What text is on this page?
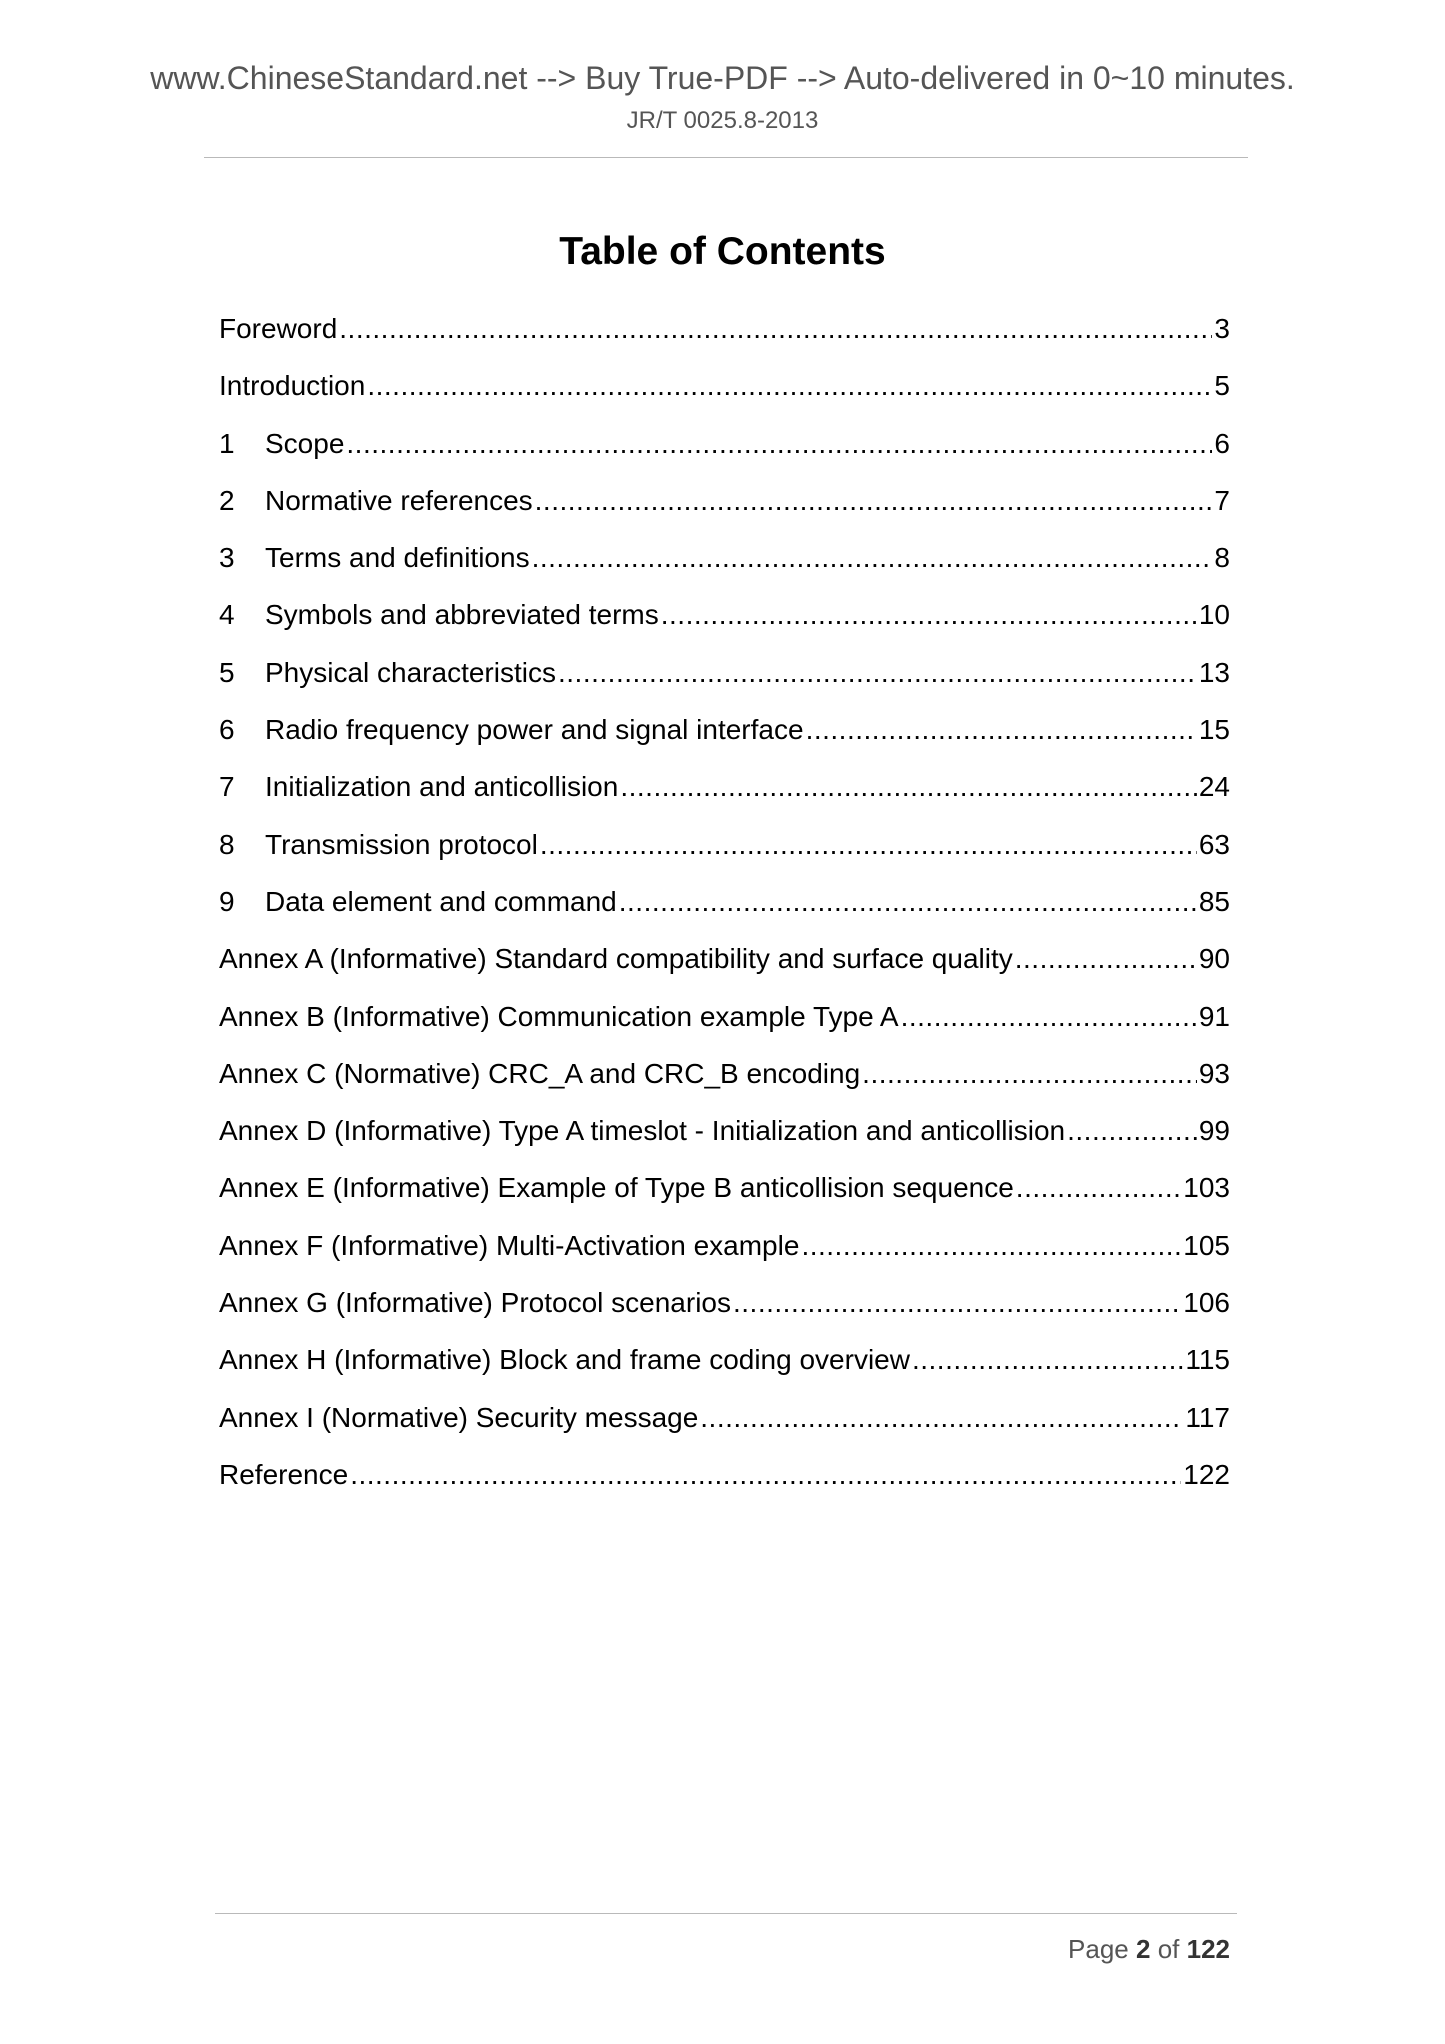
www.ChineseStandard.net --> Buy True-PDF --> Auto-delivered in 0~10 minutes.
JR/T 0025.8-2013
Table of Contents
Foreword .....	3
Introduction .....	5
1	Scope .....	6
2	Normative references .....	7
3	Terms and definitions .....	8
4	Symbols and abbreviated terms .....	10
5	Physical characteristics .....	13
6	Radio frequency power and signal interface .....	15
7	Initialization and anticollision .....	24
8	Transmission protocol .....	63
9	Data element and command .....	85
Annex A (Informative) Standard compatibility and surface quality .....	90
Annex B (Informative) Communication example Type A .....	91
Annex C (Normative) CRC_A and CRC_B encoding .....	93
Annex D (Informative) Type A timeslot - Initialization and anticollision .....	99
Annex E (Informative) Example of Type B anticollision sequence .....	103
Annex F (Informative) Multi-Activation example .....	105
Annex G (Informative) Protocol scenarios .....	106
Annex H (Informative) Block and frame coding overview .....	115
Annex I (Normative) Security message .....	117
Reference .....	122
Page 2 of 122
